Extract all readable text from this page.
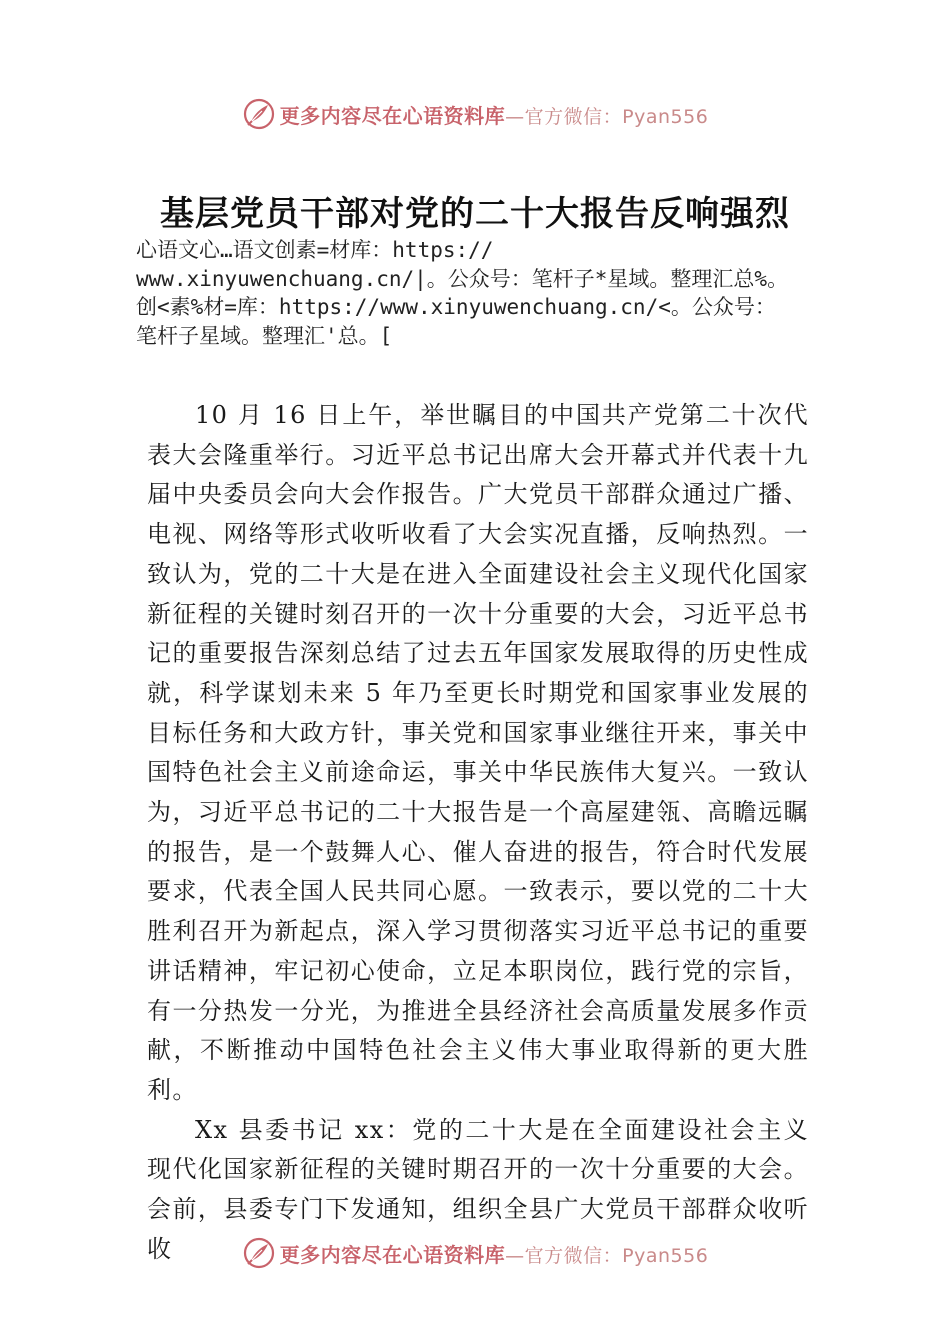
更多内容尽在心语资料库—官方微信：Pyan556
基层党员干部对党的二十大报告反响强烈
心语文心…语文创素=材库：https://
www.xinyuwenchuang.cn/|。公众号：笔杆子*星域。整理汇总%。
创<素%材=库：https://www.xinyuwenchuang.cn/<。公众号：
笔杆子星域。整理汇'总。[

10 月 16 日上午，举世瞩目的中国共产党第二十次代表大会隆重举行。习近平总书记出席大会开幕式并代表十九届中央委员会向大会作报告。广大党员干部群众通过广播、电视、网络等形式收听收看了大会实况直播，反响热烈。一致认为，党的二十大是在进入全面建设社会主义现代化国家新征程的关键时刻召开的一次十分重要的大会，习近平总书记的重要报告深刻总结了过去五年国家发展取得的历史性成就，科学谋划未来 5 年乃至更长时期党和国家事业发展的目标任务和大政方针，事关党和国家事业继往开来，事关中国特色社会主义前途命运，事关中华民族伟大复兴。一致认为，习近平总书记的二十大报告是一个高屋建瓴、高瞻远瞩的报告，是一个鼓舞人心、催人奋进的报告，符合时代发展要求，代表全国人民共同心愿。一致表示，要以党的二十大胜利召开为新起点，深入学习贯彻落实习近平总书记的重要讲话精神，牢记初心使命，立足本职岗位，践行党的宗旨，有一分热发一分光，为推进全县经济社会高质量发展多作贡献，不断推动中国特色社会主义伟大事业取得新的更大胜利。

Xx 县委书记 xx：党的二十大是在全面建设社会主义现代化国家新征程的关键时期召开的一次十分重要的大会。会前，县委专门下发通知，组织全县广大党员干部群众收听收	更多内容尽在心语资料库—官方微信：Pyan556
